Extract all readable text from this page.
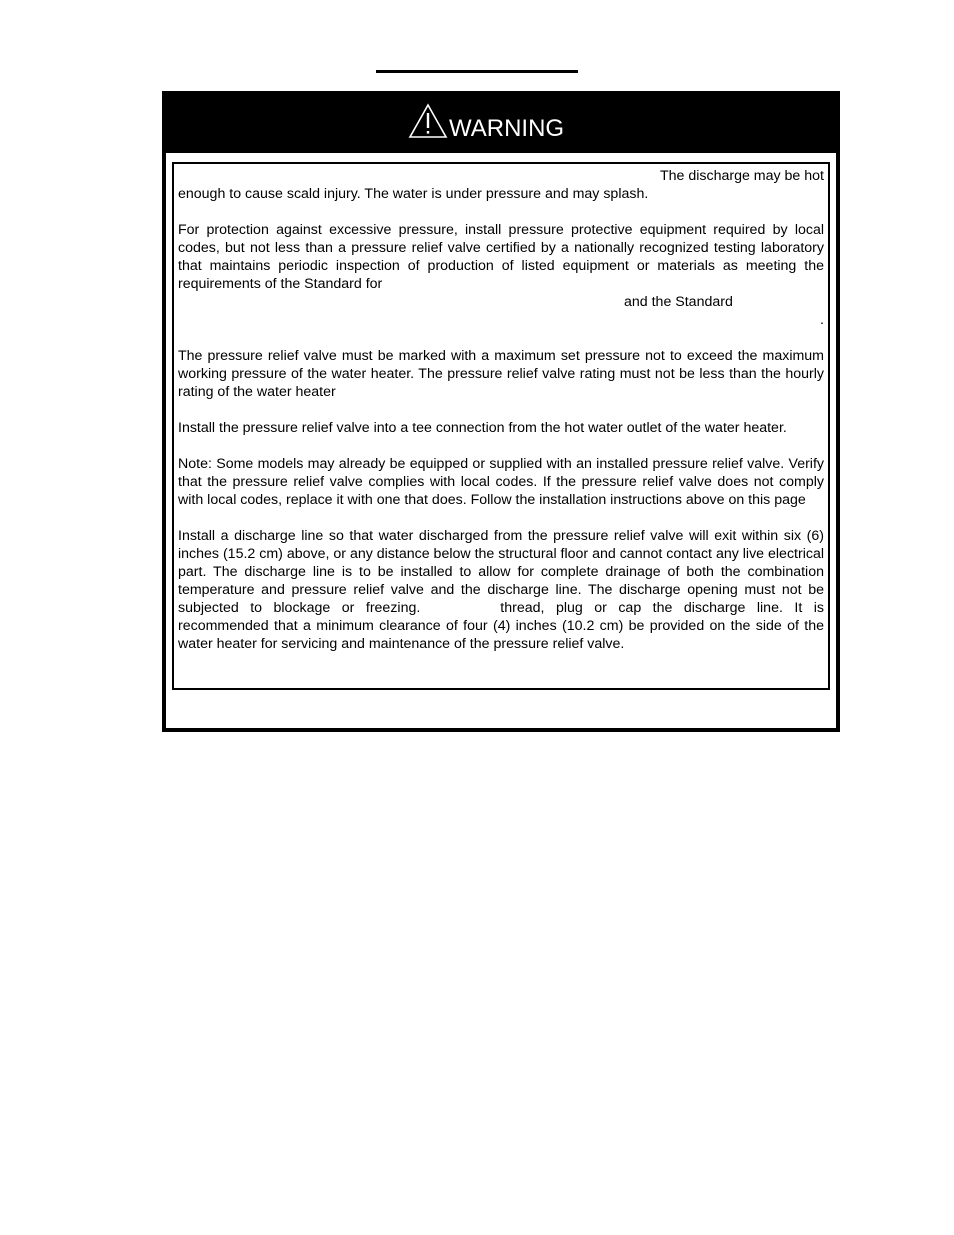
WARNING

The discharge may be hot
enough to cause scald injury. The water is under pressure and may splash.

For protection against excessive pressure, install pressure protective equipment required by local codes, but not less than a pressure relief valve certified by a nationally recognized testing laboratory that maintains periodic inspection of production of listed equipment or materials as meeting the requirements of the Standard for
and the Standard
.

The pressure relief valve must be marked with a maximum set pressure not to exceed the maximum working pressure of the water heater. The pressure relief valve rating must not be less than the hourly rating of the water heater

Install the pressure relief valve into a tee connection from the hot water outlet of the water heater.

Note: Some models may already be equipped or supplied with an installed pressure relief valve. Verify that the pressure relief valve complies with local codes. If the pressure relief valve does not comply with local codes, replace it with one that does. Follow the installation instructions above on this page

Install a discharge line so that water discharged from the pressure relief valve will exit within six (6) inches (15.2 cm) above, or any distance below the structural floor and cannot contact any live electrical part. The discharge line is to be installed to allow for complete drainage of both the combination temperature and pressure relief valve and the discharge line. The discharge opening must not be subjected to blockage or freezing.	thread, plug or cap the discharge line. It is recommended that a minimum clearance of four (4) inches (10.2 cm) be provided on the side of the water heater for servicing and maintenance of the pressure relief valve.
